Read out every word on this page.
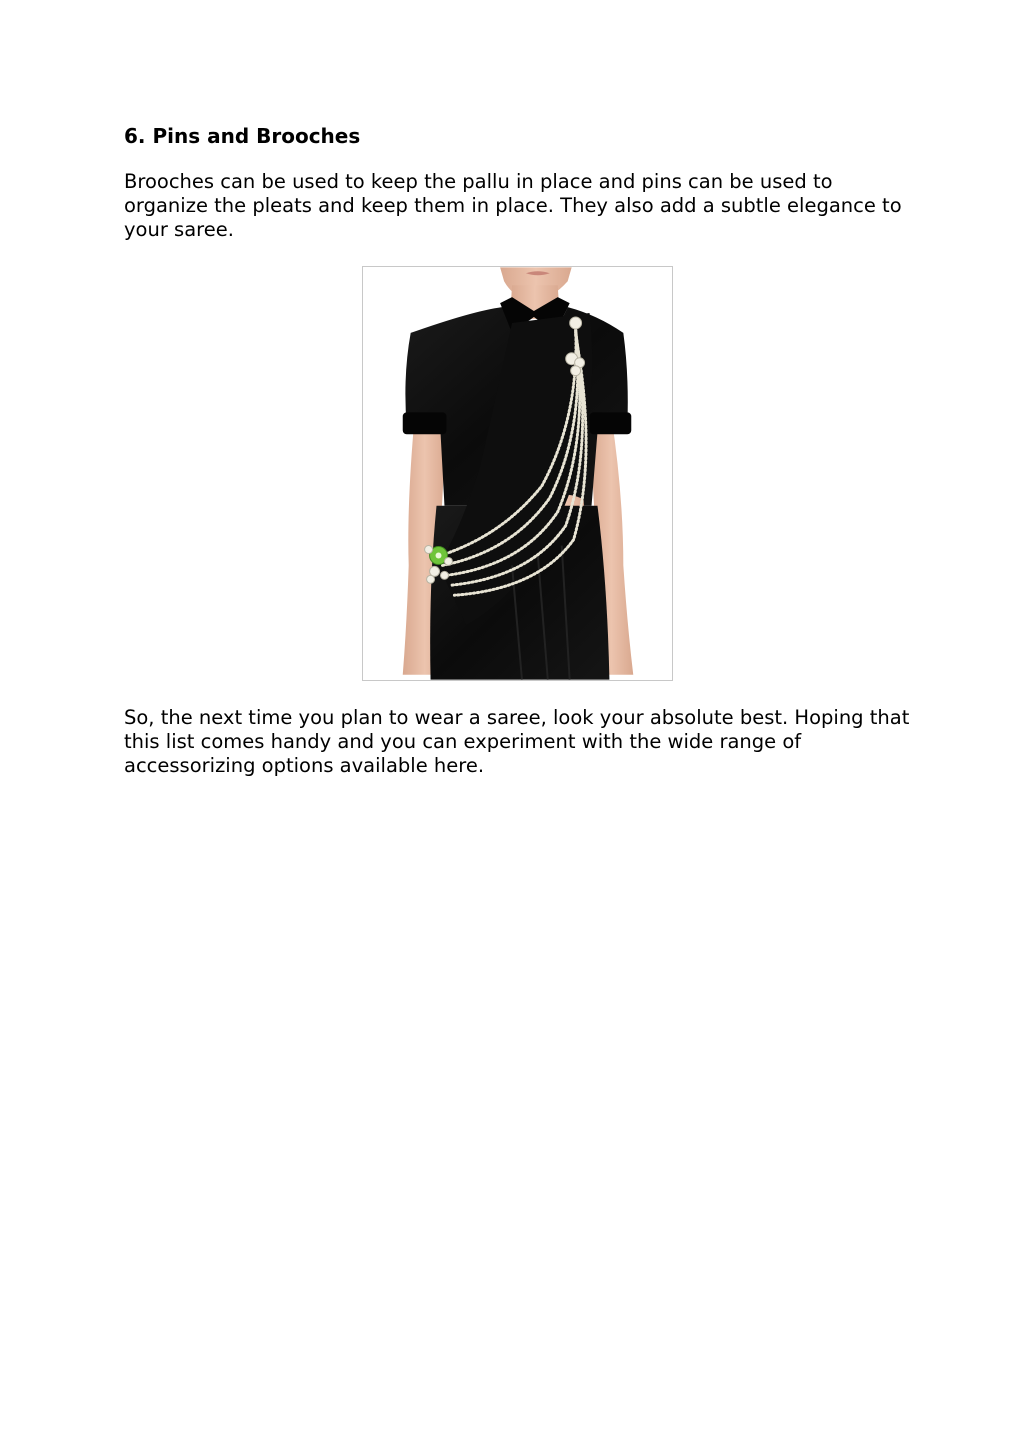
6. Pins and Brooches

Brooches can be used to keep the pallu in place and pins can be used to organize the pleats and keep them in place. They also add a subtle elegance to your saree.

So, the next time you plan to wear a saree, look your absolute best. Hoping that this list comes handy and you can experiment with the wide range of accessorizing options available here.
